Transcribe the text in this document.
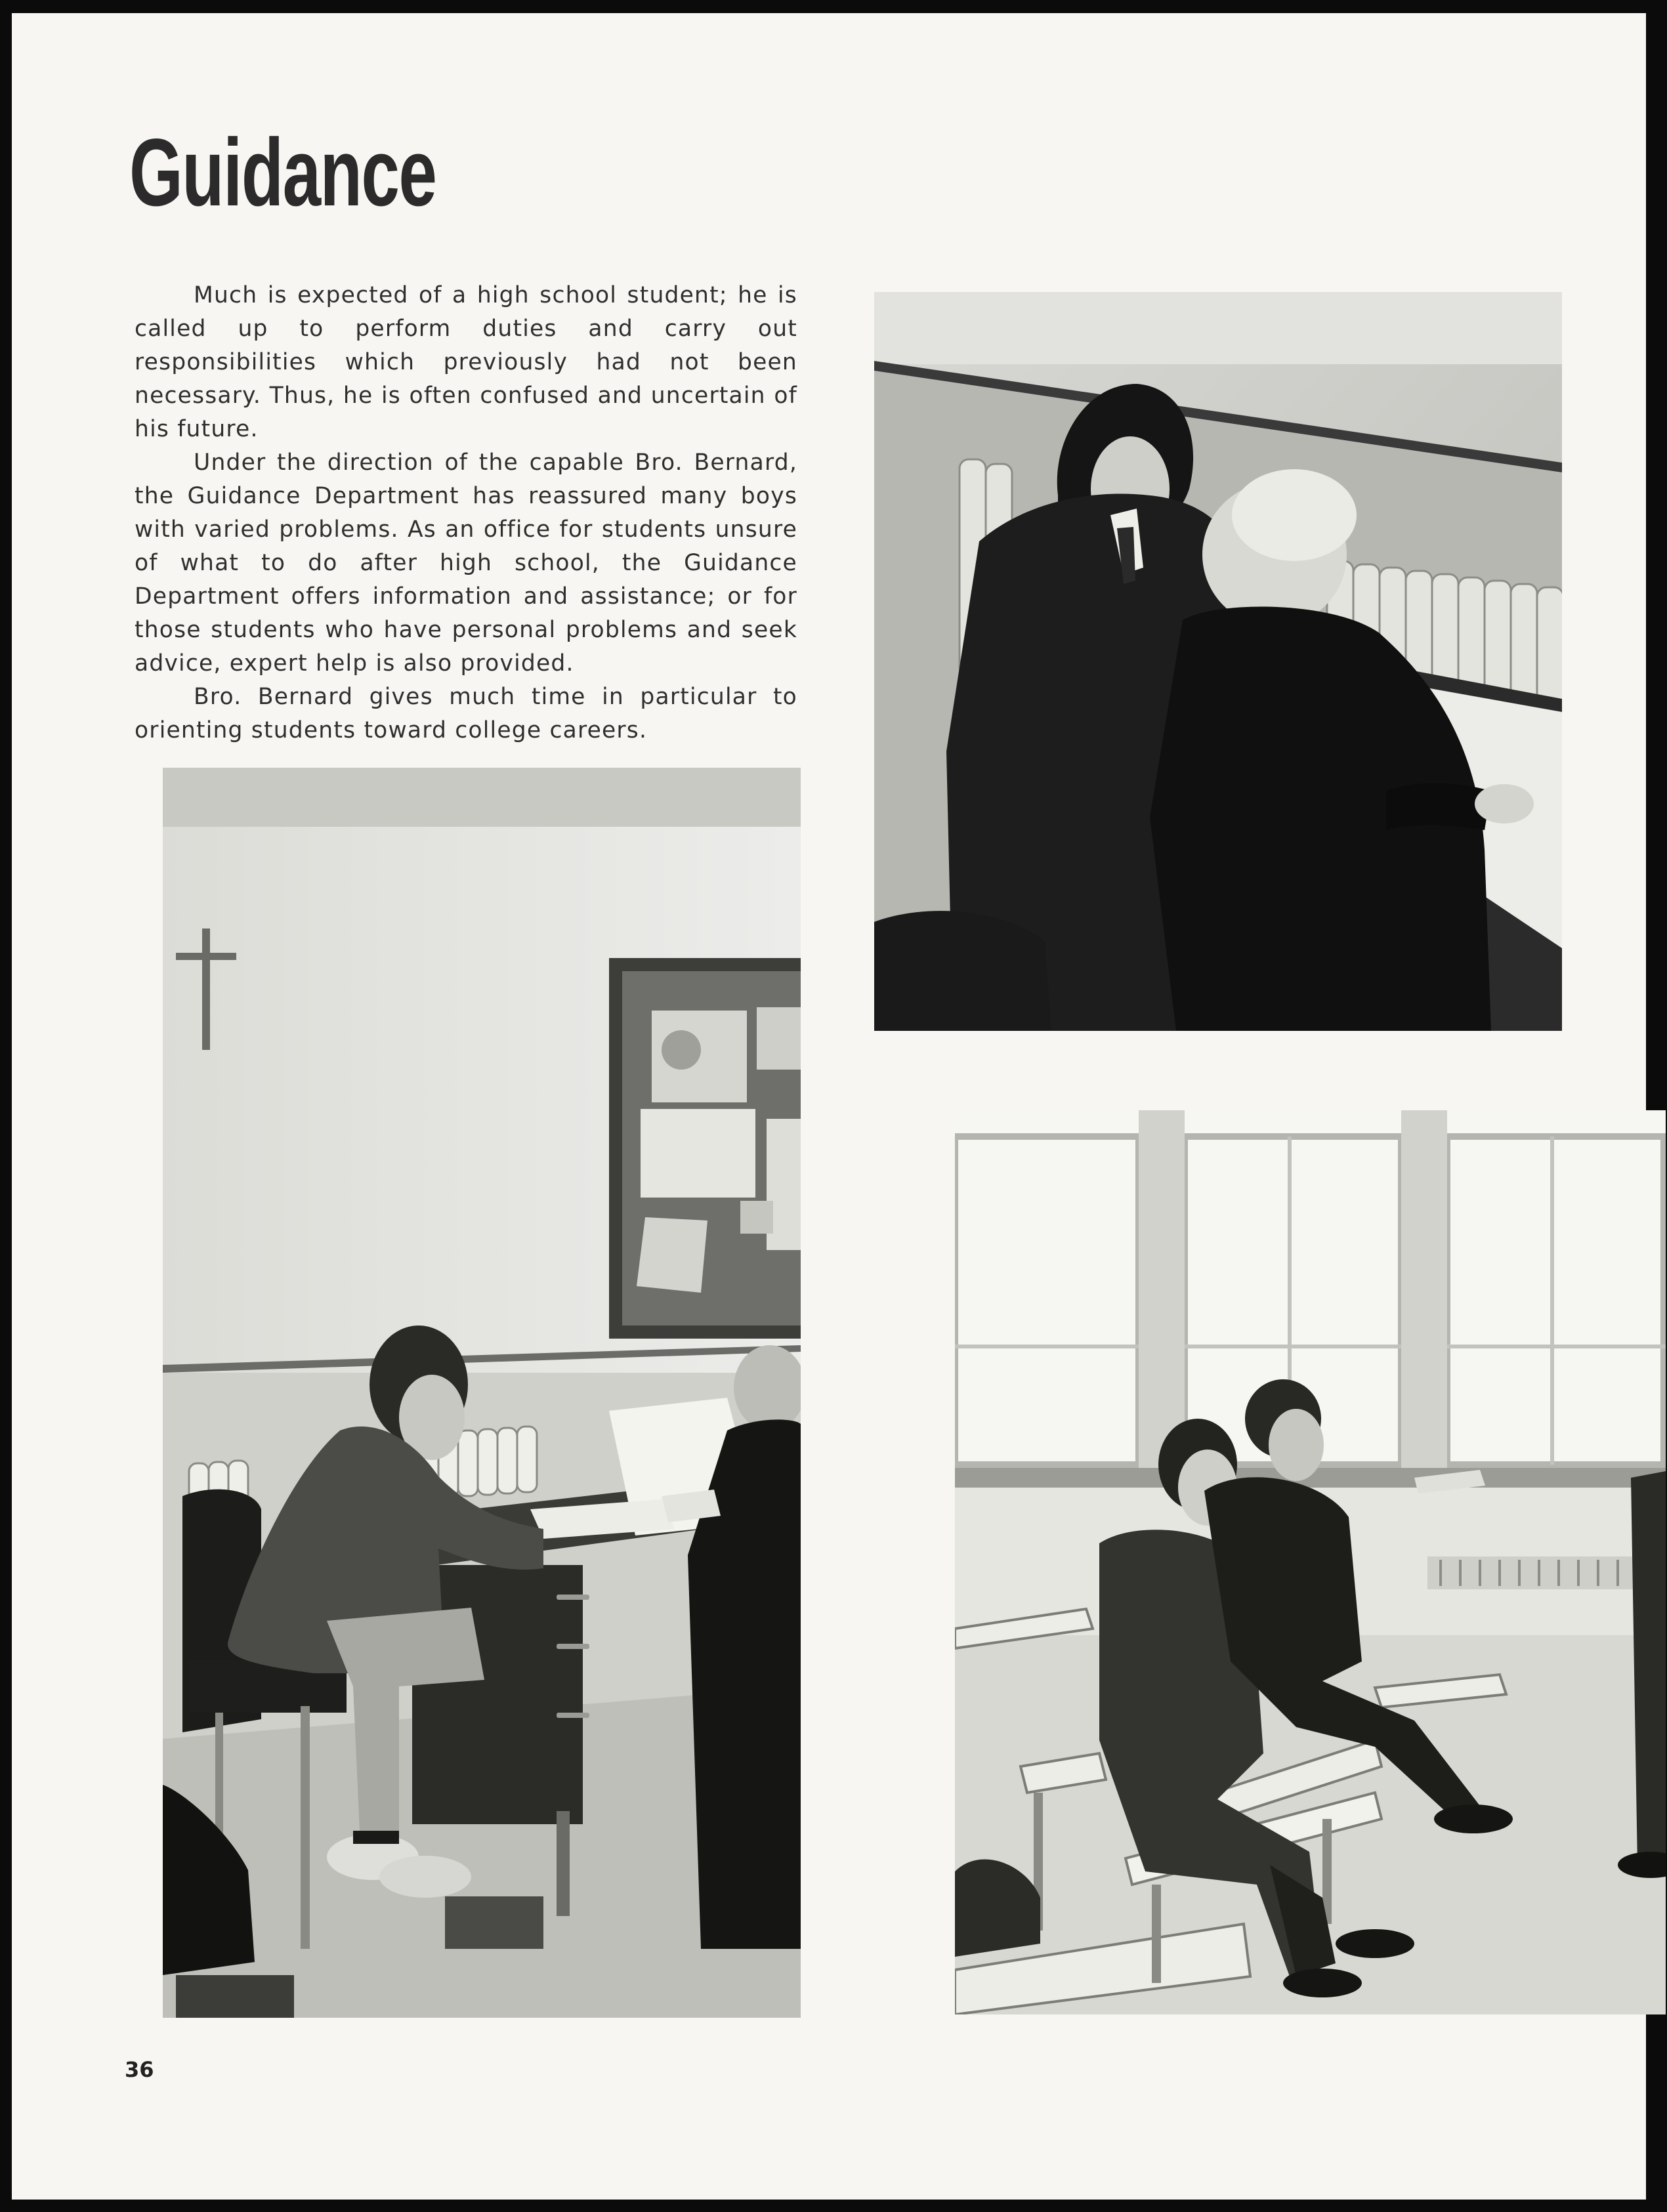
Guidance

Much is expected of a high school student; he is called up to perform duties and carry out responsibilities which previously had not been necessary. Thus, he is often confused and uncertain of his future.

Under the direction of the capable Bro. Bernard, the Guidance Department has reassured many boys with varied problems. As an office for students unsure of what to do after high school, the Guidance Department offers information and assistance; or for those students who have personal problems and seek advice, expert help is also provided.

Bro. Bernard gives much time in particular to orienting students toward college careers.

36
